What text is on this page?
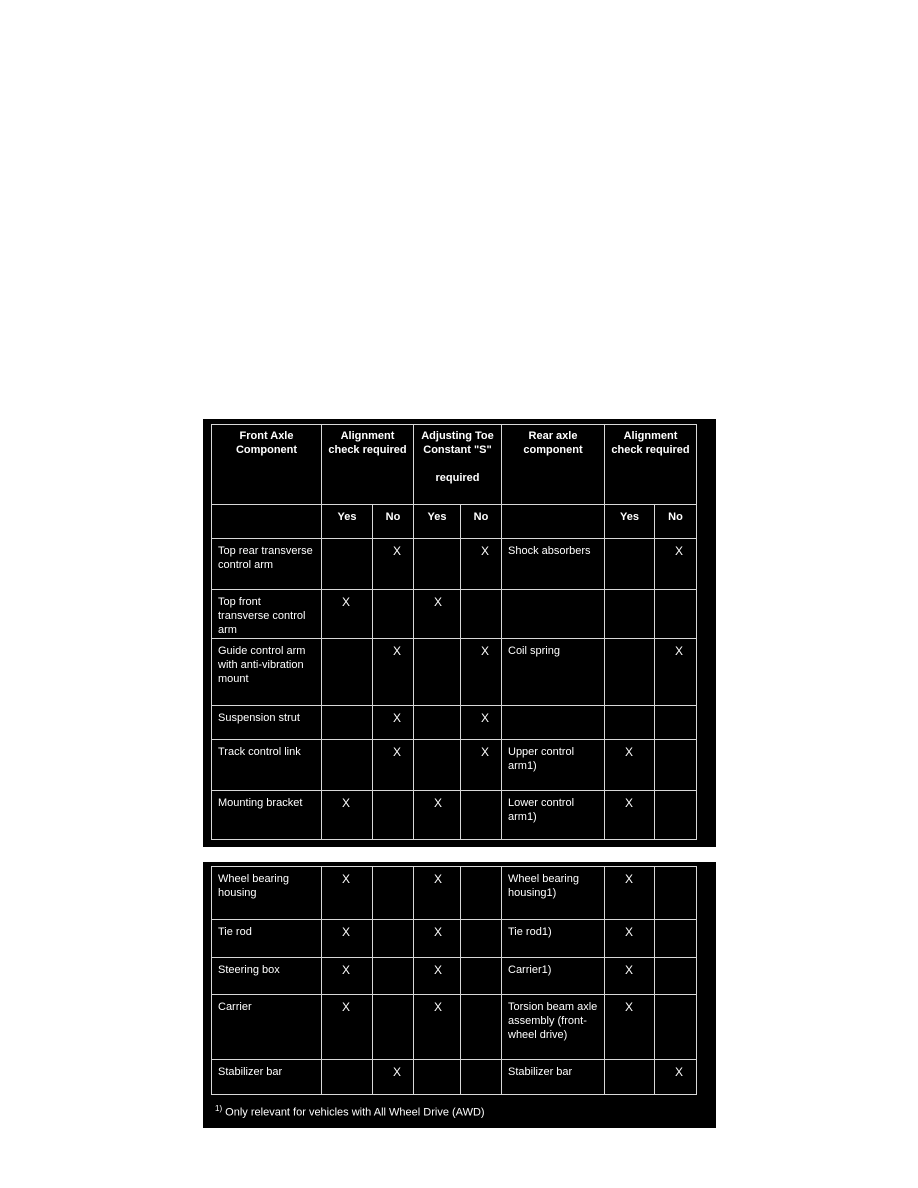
Front Axle Component	Alignment check required		Adjusting Toe Constant "S"
required		Rear axle component	Alignment check required	
	Yes	No	Yes	No		Yes	No
Top rear transverse control arm		X		X	Shock absorbers		X
Top front transverse control arm	X		X				
Guide control arm with anti-vibration mount		X		X	Coil spring		X
Suspension strut		X		X			
Track control link		X		X	Upper control arm1)	X	
Mounting bracket	X		X		Lower control arm1)	X	
Wheel bearing housing	X		X		Wheel bearing housing1)	X	
Tie rod	X		X		Tie rod1)	X	
Steering box	X		X		Carrier1)	X	
Carrier	X		X		Torsion beam axle assembly (front-wheel drive)	X	
Stabilizer bar		X			Stabilizer bar		X
$^{1)}$ Only relevant for vehicles with All Wheel Drive (AWD)
